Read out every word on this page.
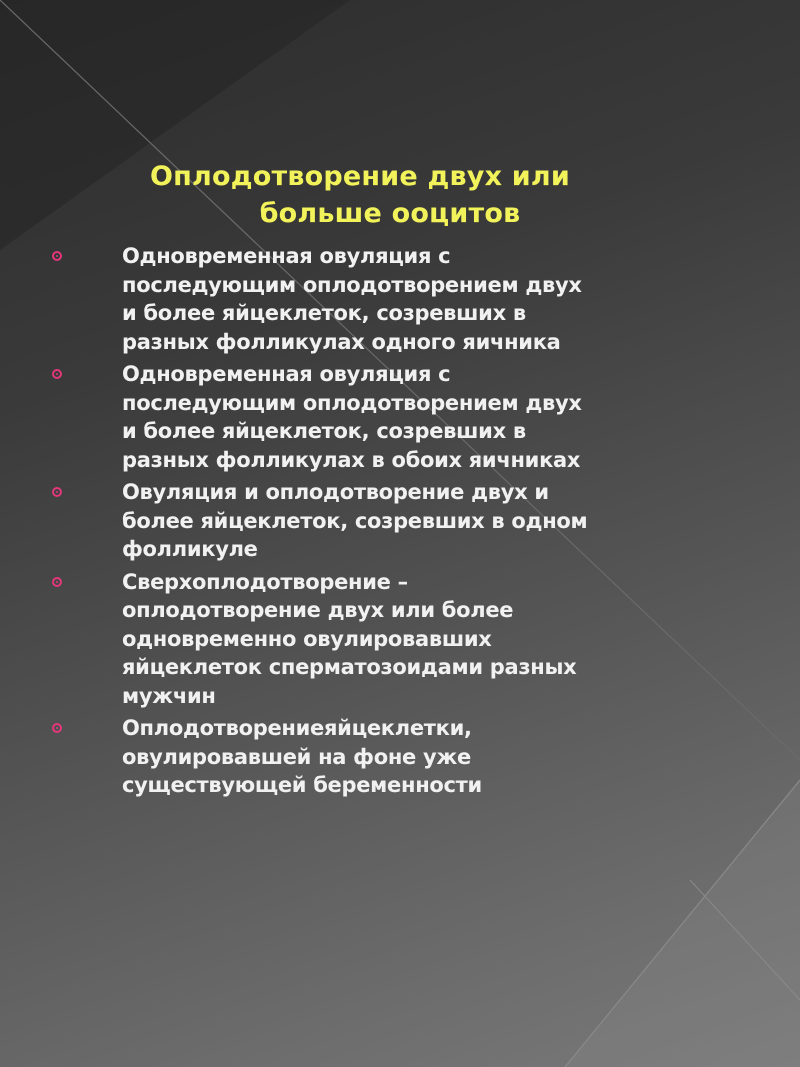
Оплодотворение двух или
больше ооцитов
Одновременная овуляция с
последующим оплодотворением двух
и более яйцеклеток, созревших в
разных фолликулах одного яичника
Одновременная овуляция с
последующим оплодотворением двух
и более яйцеклеток, созревших в
разных фолликулах в обоих яичниках
Овуляция и оплодотворение двух и
более яйцеклеток, созревших в одном
фолликуле
Сверхоплодотворение –
оплодотворение двух или более
одновременно овулировавших
яйцеклеток сперматозоидами разных
мужчин
Оплодотворениеяйцеклетки,
овулировавшей на фоне уже
существующей беременности
